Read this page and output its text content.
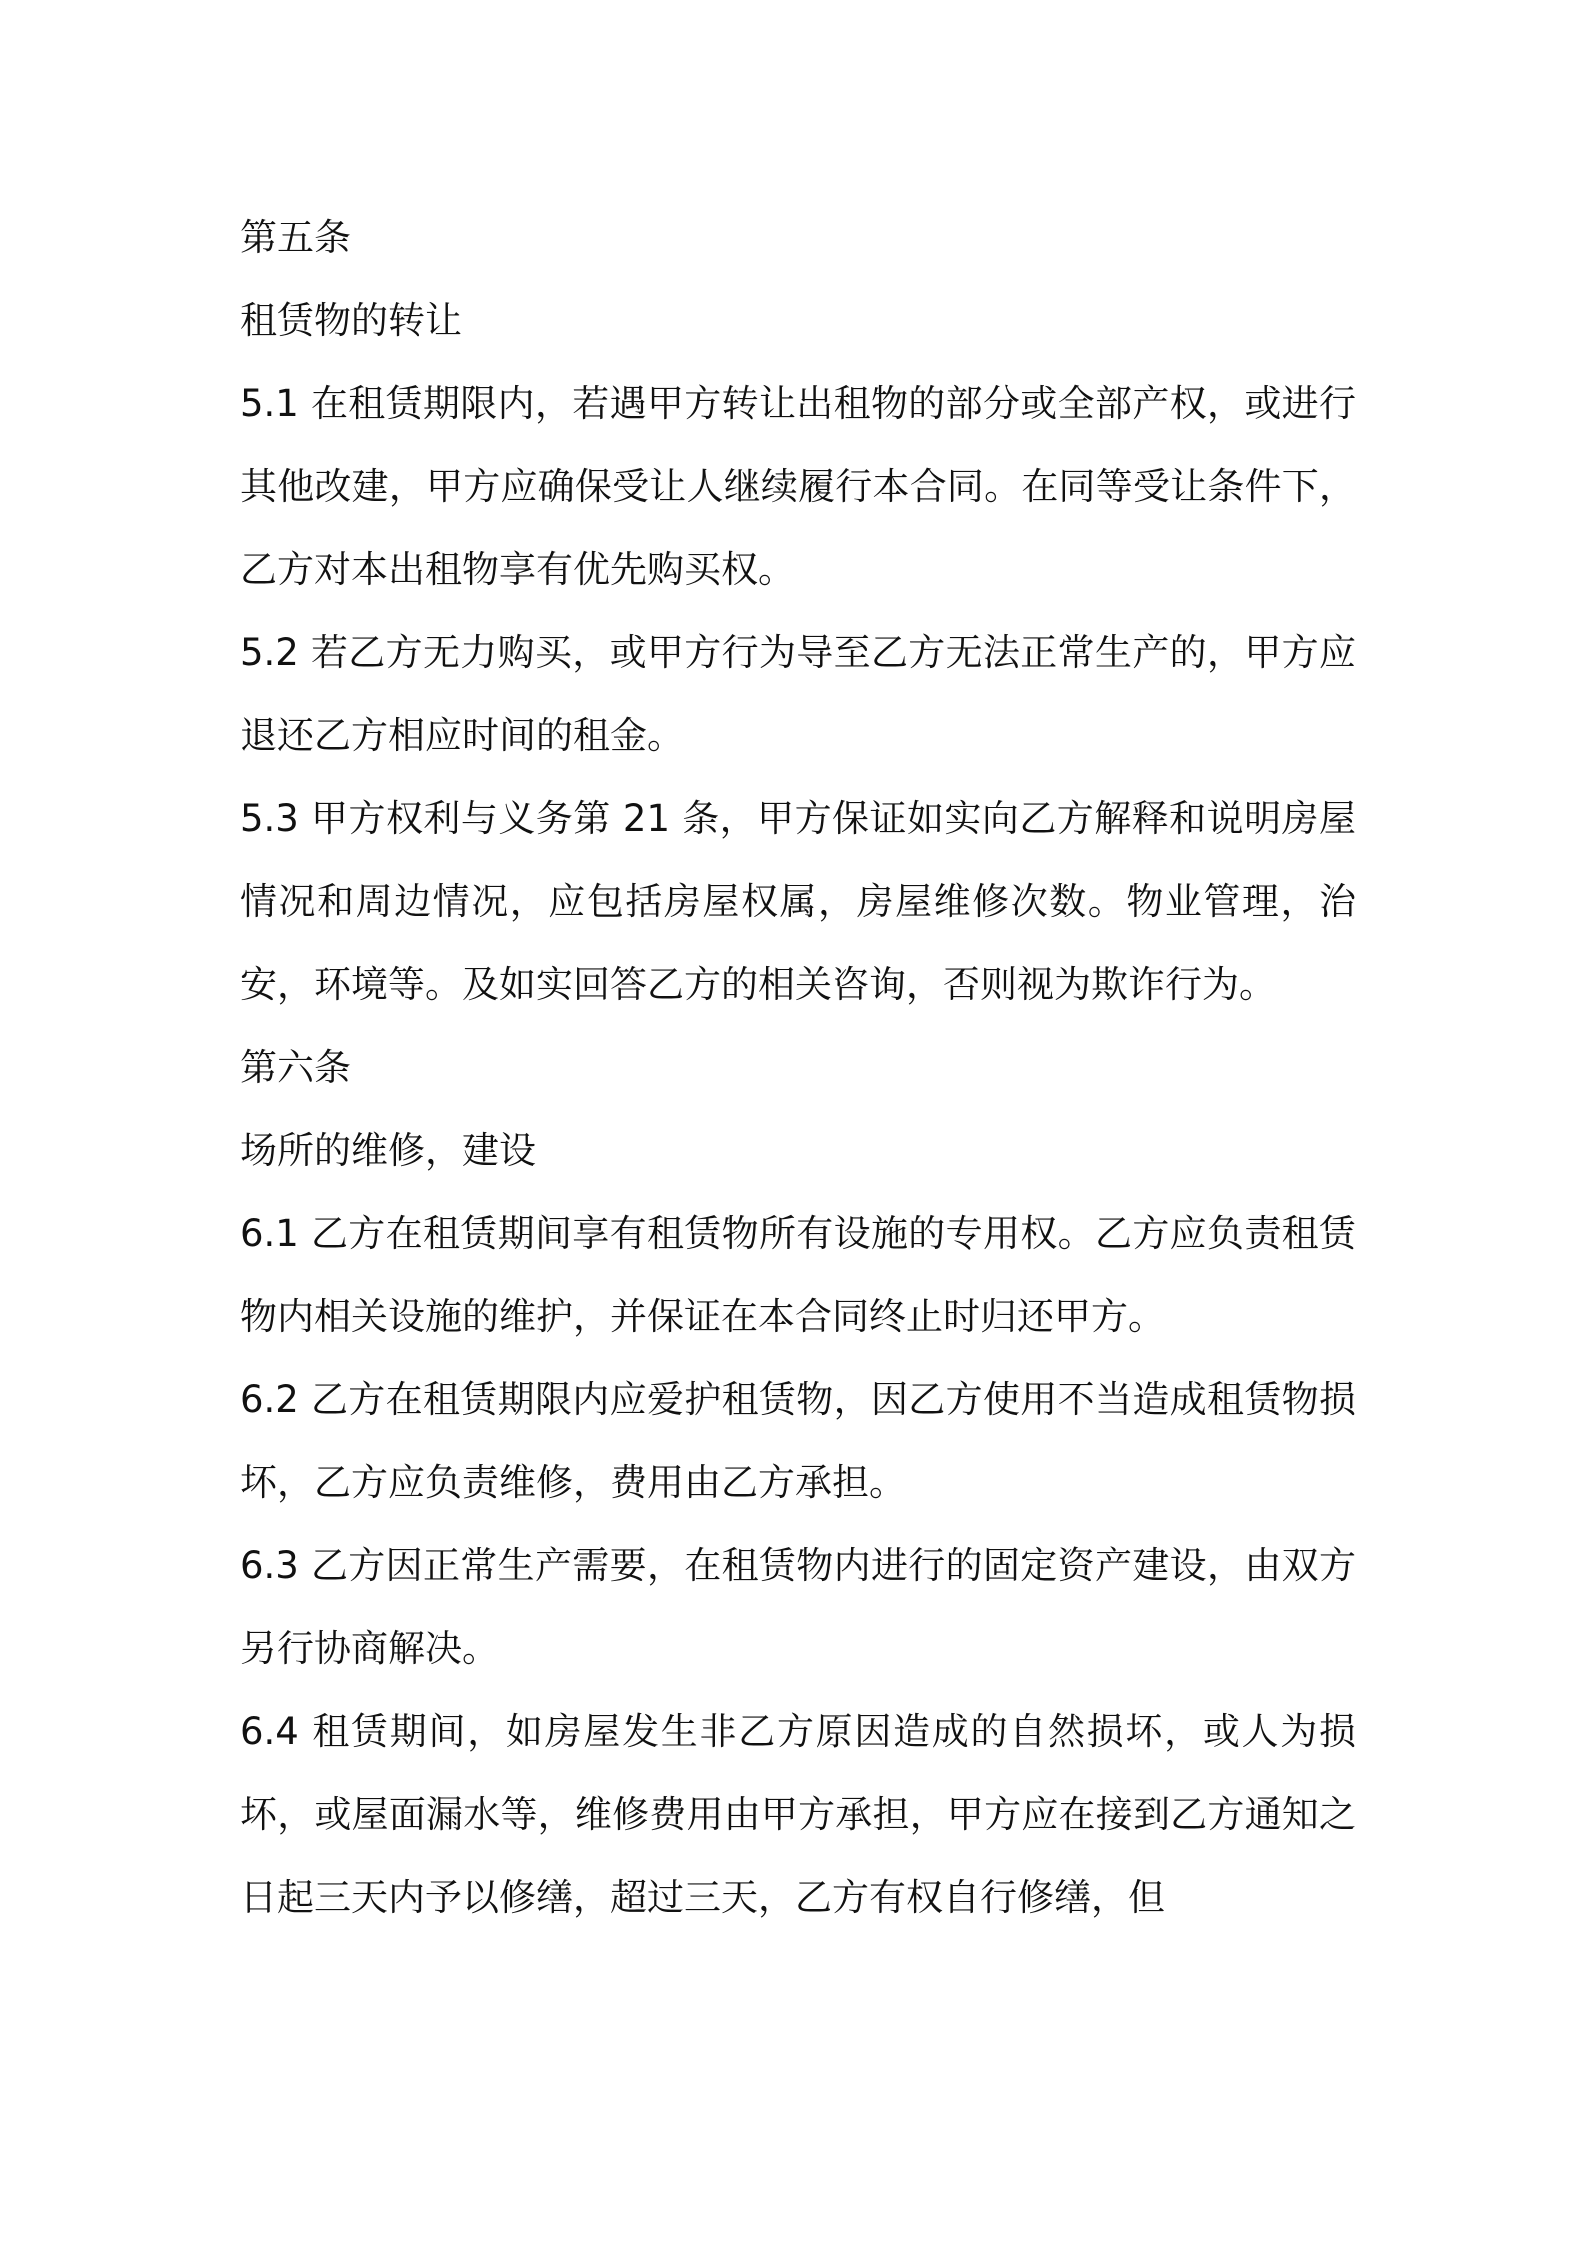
第五条

租赁物的转让

5.1 在租赁期限内，若遇甲方转让出租物的部分或全部产权，或进行其他改建，甲方应确保受让人继续履行本合同。在同等受让条件下，乙方对本出租物享有优先购买权。

5.2 若乙方无力购买，或甲方行为导至乙方无法正常生产的，甲方应退还乙方相应时间的租金。

5.3 甲方权利与义务第 21 条，甲方保证如实向乙方解释和说明房屋情况和周边情况，应包括房屋权属，房屋维修次数。物业管理，治安，环境等。及如实回答乙方的相关咨询，否则视为欺诈行为。

第六条

场所的维修，建设

6.1 乙方在租赁期间享有租赁物所有设施的专用权。乙方应负责租赁物内相关设施的维护，并保证在本合同终止时归还甲方。

6.2 乙方在租赁期限内应爱护租赁物，因乙方使用不当造成租赁物损坏，乙方应负责维修，费用由乙方承担。

6.3 乙方因正常生产需要，在租赁物内进行的固定资产建设，由双方另行协商解决。

6.4 租赁期间，如房屋发生非乙方原因造成的自然损坏，或人为损坏，或屋面漏水等，维修费用由甲方承担，甲方应在接到乙方通知之日起三天内予以修缮，超过三天，乙方有权自行修缮，但
